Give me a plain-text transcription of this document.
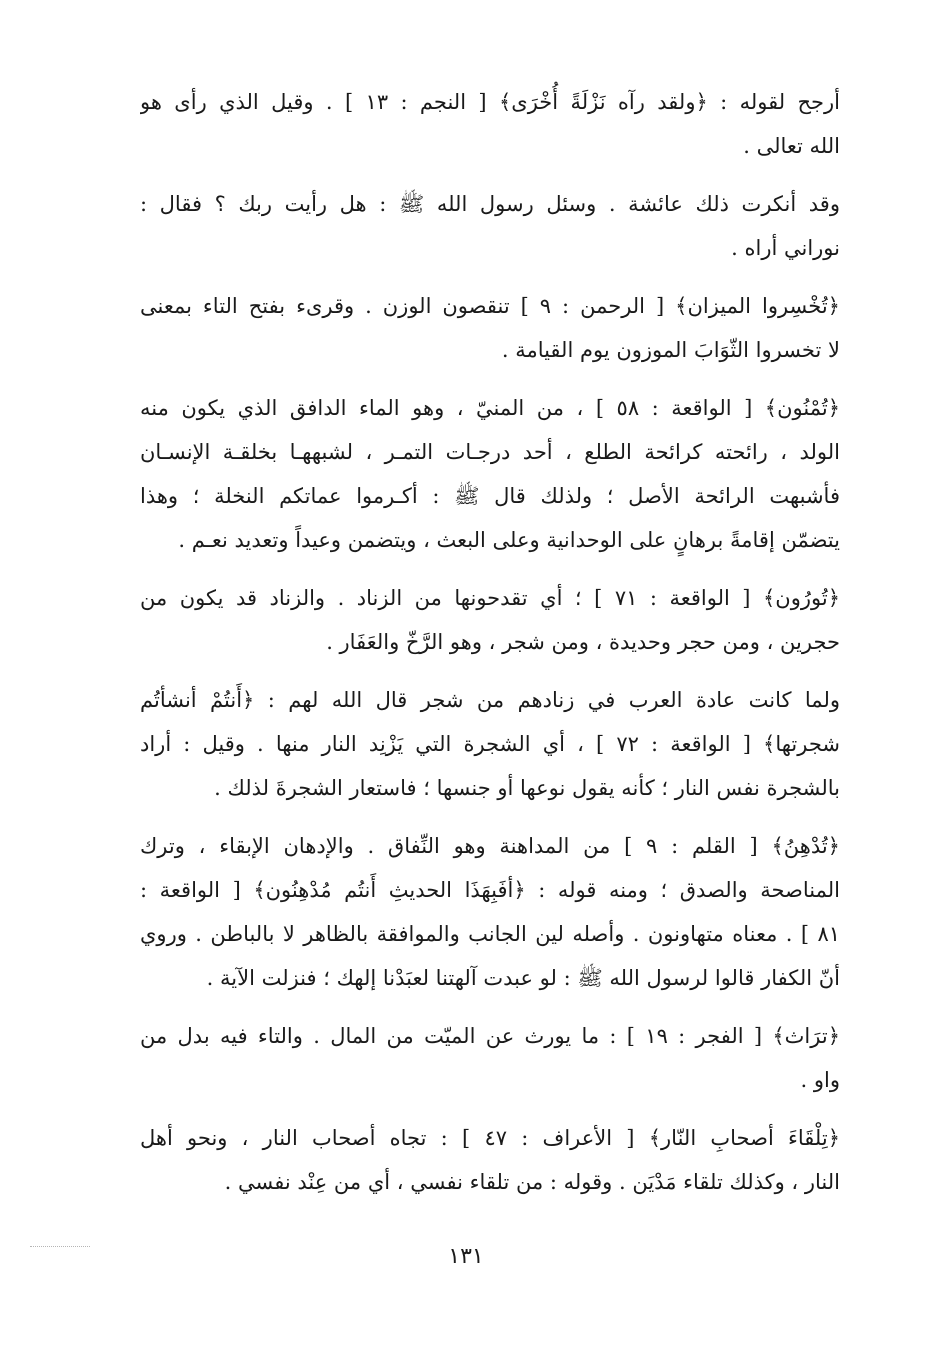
أرجح لقوله : ﴿ولقد رآه نَزْلَةً أُخْرَى﴾ [ النجم : ١٣ ] . وقيل الذي رأى هو
الله تعالى .
وقد أنكرت ذلك عائشة . وسئل رسول الله ﷺ : هل رأيت ربك ؟ فقال :
نوراني أراه .
﴿تُخْسِروا الميزان﴾ [ الرحمن : ٩ ] تنقصون الوزن . وقرىء بفتح التاء بمعنى
لا تخسروا الثّوَابَ الموزون يوم القيامة .
﴿تُمْنُون﴾ [ الواقعة : ٥٨ ] ، من المنيّ ، وهو الماء الدافق الذي يكون منه
الولد ، رائحته كرائحة الطلع ، أحد درجـات التمـر ، لشبههـا بخلقـة الإنسـان
فأشبهت الرائحة الأصل ؛ ولذلك قال ﷺ : أكـرموا عماتكم النخلة ؛ وهذا
يتضمّن إقامةً برهانٍ على الوحدانية وعلى البعث ، ويتضمن وعيداً وتعديد نعـم .
﴿تُورُون﴾ [ الواقعة : ٧١ ] ؛ أي تقدحونها من الزناد . والزناد قد يكون من
حجرين ، ومن حجر وحديدة ، ومن شجر ، وهو الرَّخّ والعَفَار .
ولما كانت عادة العرب في زنادهم من شجر قال الله لهم : ﴿أَنتُمْ أنشأتُم
شجرتها﴾ [ الواقعة : ٧٢ ] ، أي الشجرة التي يَزْنِد النار منها . وقيل : أراد
بالشجرة نفس النار ؛ كأنه يقول نوعها أو جنسها ؛ فاستعار الشجرةَ لذلك .
﴿تُدْهِنُ﴾ [ القلم : ٩ ] من المداهنة وهو النِّفاق . والإدهان الإبقاء ، وترك
المناصحة والصدق ؛ ومنه قوله : ﴿أفَبِهَذَا الحديثِ أَنتُم مُدْهِنُون﴾ [ الواقعة :
٨١ ] . معناه متهاونون . وأصله لين الجانب والموافقة بالظاهر لا بالباطن . وروي
أنّ الكفار قالوا لرسول الله ﷺ : لو عبدت آلهتنا لعبَدْنا إلهك ؛ فنزلت الآية .
﴿ترَاث﴾ [ الفجر : ١٩ ] : ما يورث عن الميّت من المال . والتاء فيه بدل من
واو .
﴿تِلْقَاءَ أصحابِ النّار﴾ [ الأعراف : ٤٧ ] : تجاه أصحاب النار ، ونحو أهل
النار ، وكذلك تلقاء مَدْيَن . وقوله : من تلقاء نفسي ، أي من عِنْد نفسي .
١٣١
